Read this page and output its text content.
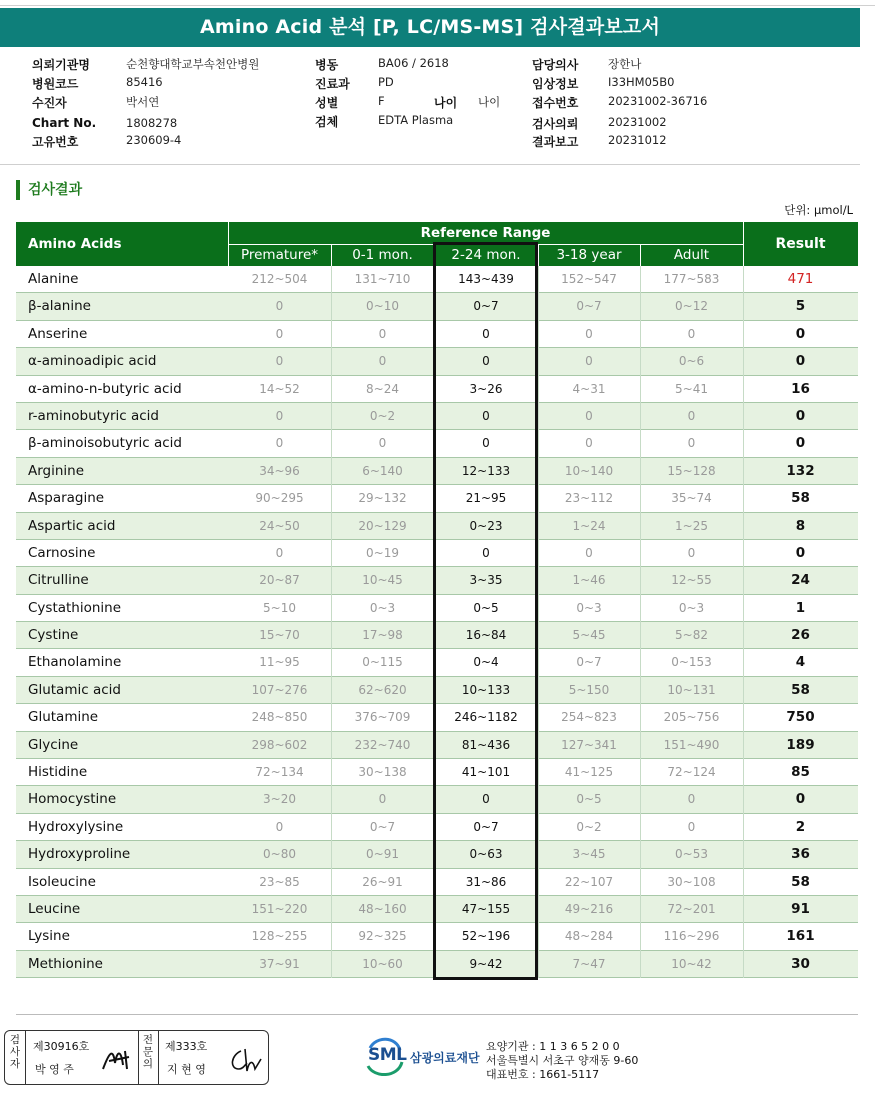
Amino Acid 분석 [P, LC/MS-MS] 검사결과보고서
의뢰기관명	순천향대학교부속천안병원
병원코드	85416
수진자	박서연
Chart No.	1808278
고유번호	230609-4
병동	BA06 / 2618
진료과 PD
성별	F	나이 나이
검체	EDTA Plasma
담당의사	장한나
임상정보	I33HM05B0
접수번호	20231002-36716
검사의뢰	20231002
결과보고	20231012
검사결과
단위: μmol/L
Amino Acids
Reference Range
Result
Premature*	0-1 mon.	2-24 mon.	3-18 year	Adult
Alanine	212~504	131~710	143~439	152~547	177~583	471
β-alanine	0	0~10	0~7	0~7	0~12	5
Anserine	0	0	0	0	0	0
α-aminoadipic acid	0	0	0	0	0~6	0
α-amino-n-butyric acid	14~52	8~24	3~26	4~31	5~41	16
r-aminobutyric acid	0	0~2	0	0	0	0
β-aminoisobutyric acid	0	0	0	0	0	0
Arginine	34~96	6~140	12~133	10~140	15~128	132
Asparagine	90~295	29~132	21~95	23~112	35~74	58
Aspartic acid	24~50	20~129	0~23	1~24	1~25	8
Carnosine	0	0~19	0	0	0	0
Citrulline	20~87	10~45	3~35	1~46	12~55	24
Cystathionine	5~10	0~3	0~5	0~3	0~3	1
Cystine	15~70	17~98	16~84	5~45	5~82	26
Ethanolamine	11~95	0~115	0~4	0~7	0~153	4
Glutamic acid	107~276	62~620	10~133	5~150	10~131	58
Glutamine	248~850	376~709	246~1182	254~823	205~756	750
Glycine	298~602	232~740	81~436	127~341	151~490	189
Histidine	72~134	30~138	41~101	41~125	72~124	85
Homocystine	3~20	0	0	0~5	0	0
Hydroxylysine	0	0~7	0~7	0~2	0	2
Hydroxyproline	0~80	0~91	0~63	3~45	0~53	36
Isoleucine	23~85	26~91	31~86	22~107	30~108	58
Leucine	151~220	48~160	47~155	49~216	72~201	91
Lysine	128~255	92~325	52~196	48~284	116~296	161
Methionine	37~91	10~60	9~42	7~47	10~42	30
검
사
자
제30916호
박 영 주
전
문
의
제333호
지 현 영
SML 삼광의료재단
요양기관 : 1 1 3 6 5 2 0 0
서울특별시 서초구 양재동 9-60
대표번호 : 1661-5117
